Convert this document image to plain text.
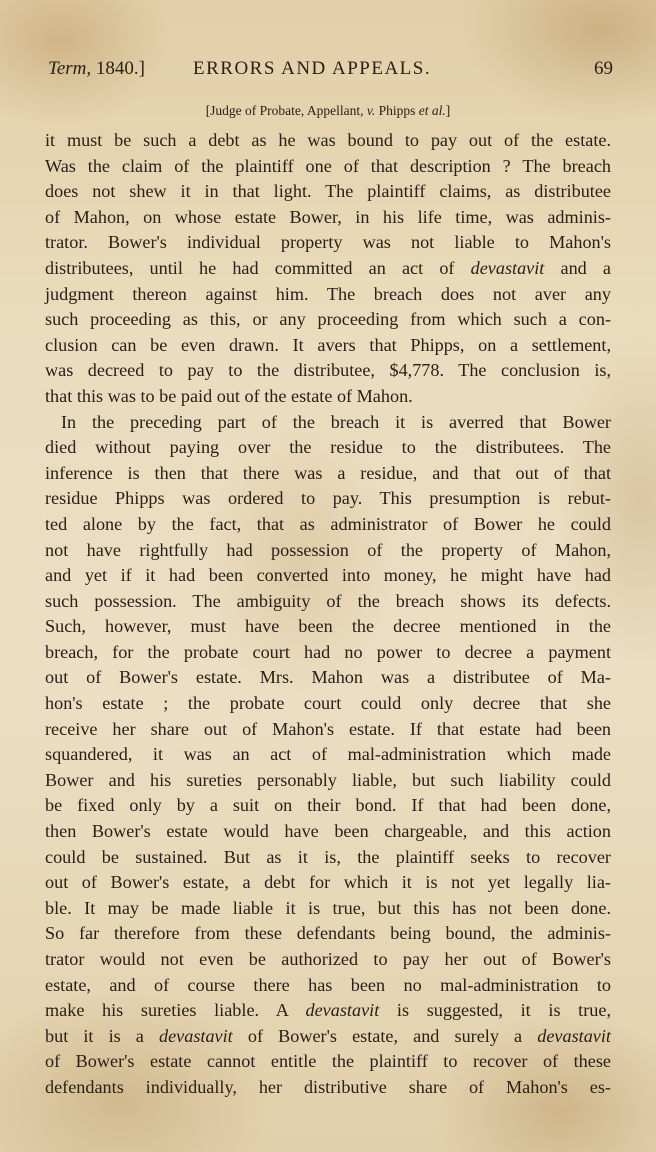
Term, 1840.]	ERRORS AND APPEALS.	69
[Judge of Probate, Appellant, v. Phipps et al.]
it must be such a debt as he was bound to pay out of the estate.
Was the claim of the plaintiff one of that description ? The breach
does not shew it in that light. The plaintiff claims, as distributee
of Mahon, on whose estate Bower, in his life time, was adminis-
trator. Bower's individual property was not liable to Mahon's
distributees, until he had committed an act of devastavit and a
judgment thereon against him. The breach does not aver any
such proceeding as this, or any proceeding from which such a con-
clusion can be even drawn. It avers that Phipps, on a settlement,
was decreed to pay to the distributee, $4,778. The conclusion is,
that this was to be paid out of the estate of Mahon.
In the preceding part of the breach it is averred that Bower
died without paying over the residue to the distributees. The
inference is then that there was a residue, and that out of that
residue Phipps was ordered to pay. This presumption is rebut-
ted alone by the fact, that as administrator of Bower he could
not have rightfully had possession of the property of Mahon,
and yet if it had been converted into money, he might have had
such possession. The ambiguity of the breach shows its defects.
Such, however, must have been the decree mentioned in the
breach, for the probate court had no power to decree a payment
out of Bower's estate. Mrs. Mahon was a distributee of Ma-
hon's estate ; the probate court could only decree that she
receive her share out of Mahon's estate. If that estate had been
squandered, it was an act of mal-administration which made
Bower and his sureties personably liable, but such liability could
be fixed only by a suit on their bond. If that had been done,
then Bower's estate would have been chargeable, and this action
could be sustained. But as it is, the plaintiff seeks to recover
out of Bower's estate, a debt for which it is not yet legally lia-
ble. It may be made liable it is true, but this has not been done.
So far therefore from these defendants being bound, the adminis-
trator would not even be authorized to pay her out of Bower's
estate, and of course there has been no mal-administration to
make his sureties liable. A devastavit is suggested, it is true,
but it is a devastavit of Bower's estate, and surely a devastavit
of Bower's estate cannot entitle the plaintiff to recover of these
defendants individually, her distributive share of Mahon's es-
